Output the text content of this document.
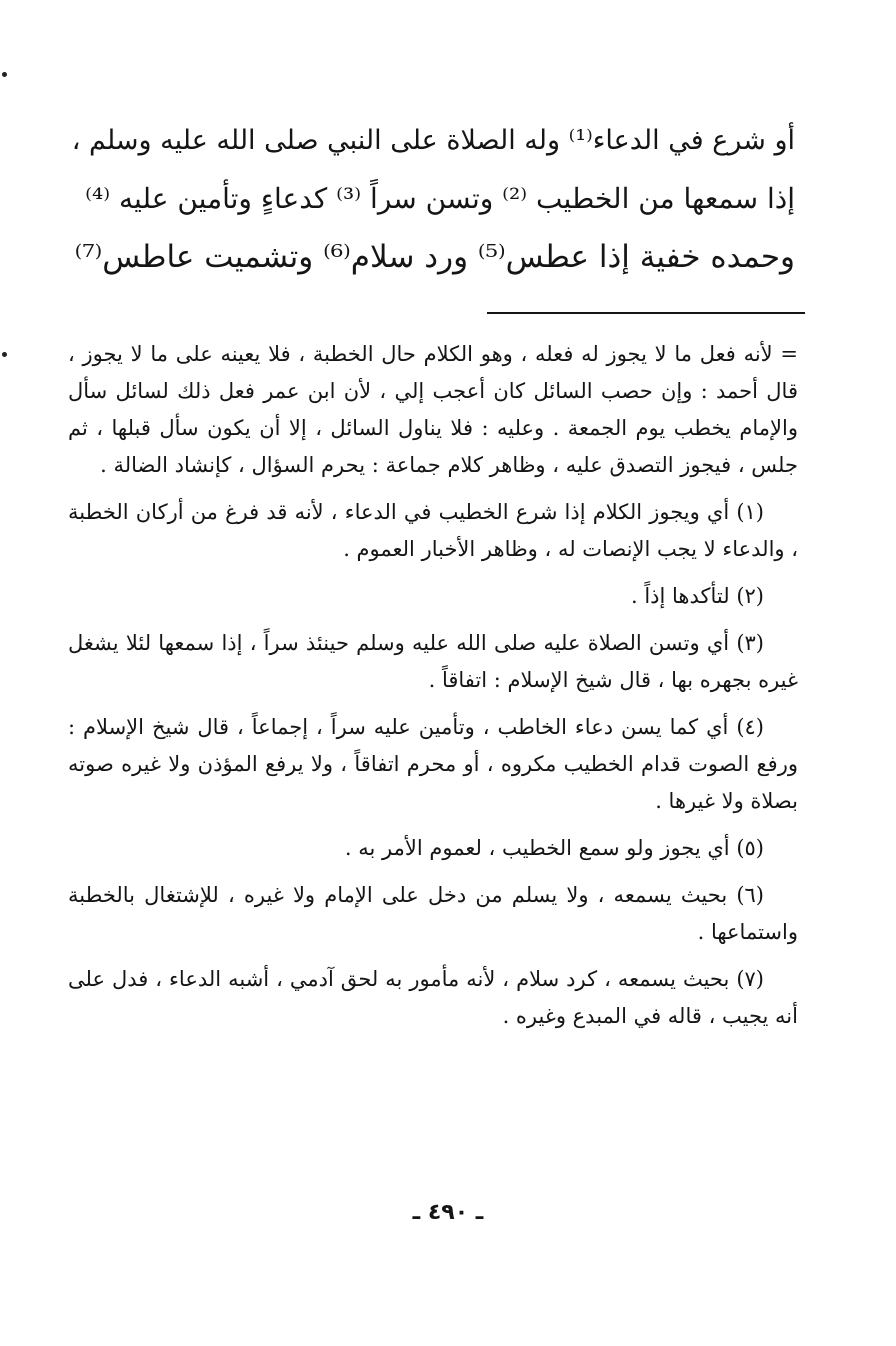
أو شرع في الدعاء⁽¹⁾ وله الصلاة على النبي صلى الله عليه وسلم ،
إذا سمعها من الخطيب ⁽²⁾ وتسن سراً ⁽³⁾ كدعاءٍ وتأمين عليه ⁽⁴⁾
وحمده خفية إذا عطس⁽⁵⁾ ورد سلام⁽⁶⁾ وتشميت عاطس⁽⁷⁾

= لأنه فعل ما لا يجوز له فعله ، وهو الكلام حال الخطبة ، فلا يعينه على ما لا يجوز ، قال أحمد : وإن حصب السائل كان أعجب إلي ، لأن ابن عمر فعل ذلك لسائل سأل والإمام يخطب يوم الجمعة . وعليه : فلا يناول السائل ، إلا أن يكون سأل قبلها ، ثم جلس ، فيجوز التصدق عليه ، وظاهر كلام جماعة : يحرم السؤال ، كإنشاد الضالة .

(١) أي ويجوز الكلام إذا شرع الخطيب في الدعاء ، لأنه قد فرغ من أركان الخطبة ، والدعاء لا يجب الإنصات له ، وظاهر الأخبار العموم .

(٢) لتأكدها إذاً .

(٣) أي وتسن الصلاة عليه صلى الله عليه وسلم حينئذ سراً ، إذا سمعها لئلا يشغل غيره بجهره بها ، قال شيخ الإسلام : اتفاقاً .

(٤) أي كما يسن دعاء الخاطب ، وتأمين عليه سراً ، إجماعاً ، قال شيخ الإسلام : ورفع الصوت قدام الخطيب مكروه ، أو محرم اتفاقاً ، ولا يرفع المؤذن ولا غيره صوته بصلاة ولا غيرها .

(٥) أي يجوز ولو سمع الخطيب ، لعموم الأمر به .

(٦) بحيث يسمعه ، ولا يسلم من دخل على الإمام ولا غيره ، للإشتغال بالخطبة واستماعها .

(٧) بحيث يسمعه ، كرد سلام ، لأنه مأمور به لحق آدمي ، أشبه الدعاء ، فدل على أنه يجيب ، قاله في المبدع وغيره .

ـ ٤٩٠ ـ
